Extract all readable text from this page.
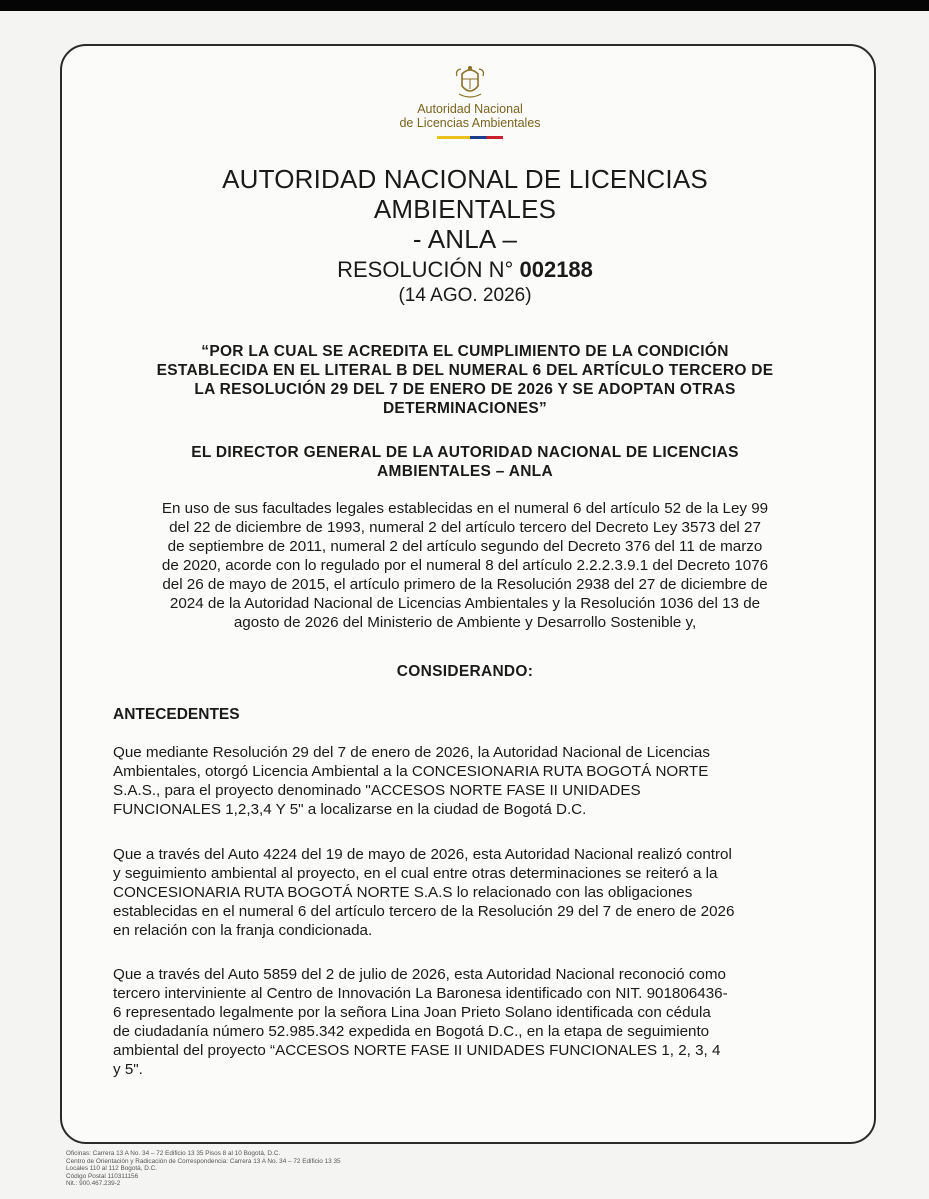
Autoridad Nacional
de Licencias Ambientales
AUTORIDAD NACIONAL DE LICENCIAS
AMBIENTALES
- ANLA –
RESOLUCIÓN N° 002188
(14 AGO. 2026)
“POR LA CUAL SE ACREDITA EL CUMPLIMIENTO DE LA CONDICIÓN
ESTABLECIDA EN EL LITERAL B DEL NUMERAL 6 DEL ARTÍCULO TERCERO DE
LA RESOLUCIÓN 29 DEL 7 DE ENERO DE 2026 Y SE ADOPTAN OTRAS
DETERMINACIONES”
EL DIRECTOR GENERAL DE LA AUTORIDAD NACIONAL DE LICENCIAS
AMBIENTALES – ANLA
En uso de sus facultades legales establecidas en el numeral 6 del artículo 52 de la Ley 99
del 22 de diciembre de 1993, numeral 2 del artículo tercero del Decreto Ley 3573 del 27
de septiembre de 2011, numeral 2 del artículo segundo del Decreto 376 del 11 de marzo
de 2020, acorde con lo regulado por el numeral 8 del artículo 2.2.2.3.9.1 del Decreto 1076
del 26 de mayo de 2015, el artículo primero de la Resolución 2938 del 27 de diciembre de
2024 de la Autoridad Nacional de Licencias Ambientales y la Resolución 1036 del 13 de
agosto de 2026 del Ministerio de Ambiente y Desarrollo Sostenible y,
CONSIDERANDO:
ANTECEDENTES
Que mediante Resolución 29 del 7 de enero de 2026, la Autoridad Nacional de Licencias
Ambientales, otorgó Licencia Ambiental a la CONCESIONARIA RUTA BOGOTÁ NORTE
S.A.S., para el proyecto denominado "ACCESOS NORTE FASE II UNIDADES
FUNCIONALES 1,2,3,4 Y 5" a localizarse en la ciudad de Bogotá D.C.
Que a través del Auto 4224 del 19 de mayo de 2026, esta Autoridad Nacional realizó control
y seguimiento ambiental al proyecto, en el cual entre otras determinaciones se reiteró a la
CONCESIONARIA RUTA BOGOTÁ NORTE S.A.S lo relacionado con las obligaciones
establecidas en el numeral 6 del artículo tercero de la Resolución 29 del 7 de enero de 2026
en relación con la franja condicionada.
Que a través del Auto 5859 del 2 de julio de 2026, esta Autoridad Nacional reconoció como
tercero interviniente al Centro de Innovación La Baronesa identificado con NIT. 901806436-
6 representado legalmente por la señora Lina Joan Prieto Solano identificada con cédula
de ciudadanía número 52.985.342 expedida en Bogotá D.C., en la etapa de seguimiento
ambiental del proyecto “ACCESOS NORTE FASE II UNIDADES FUNCIONALES 1, 2, 3, 4
y 5".
Oficinas: Carrera 13 A No. 34 – 72 Edificio 13 35 Pisos 8 al 10 Bogotá, D.C.
Centro de Orientación y Radicación de Correspondencia: Carrera 13 A No. 34 – 72 Edificio 13 35
Locales 110 al 112 Bogotá, D.C.
Código Postal 110311156
Nit.: 900.467.239-2
